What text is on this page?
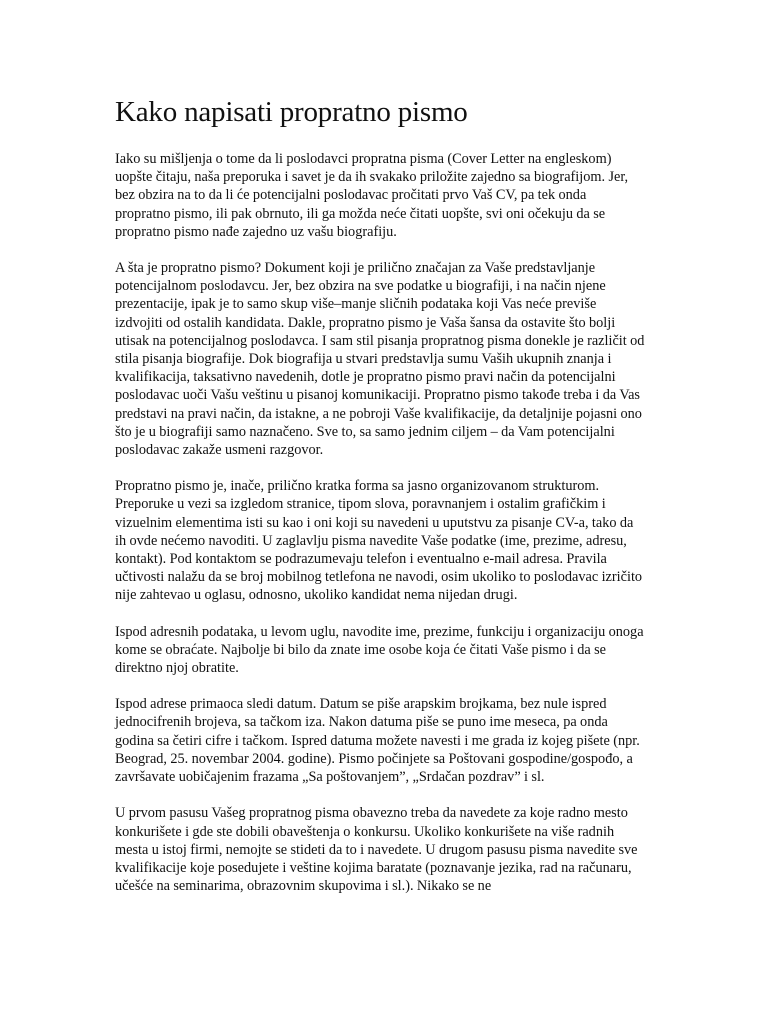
Kako napisati propratno pismo

Iako su mišljenja o tome da li poslodavci propratna pisma (Cover Letter na engleskom) uopšte čitaju, naša preporuka i savet je da ih svakako priložite zajedno sa biografijom. Jer, bez obzira na to da li će potencijalni poslodavac pročitati prvo Vaš CV, pa tek onda propratno pismo, ili pak obrnuto, ili ga možda neće čitati uopšte, svi oni očekuju da se propratno pismo nađe zajedno uz vašu biografiju.

A šta je propratno pismo? Dokument koji je prilično značajan za Vaše predstavljanje potencijalnom poslodavcu. Jer, bez obzira na sve podatke u biografiji, i na način njene prezentacije, ipak je to samo skup više–manje sličnih podataka koji Vas neće previše izdvojiti od ostalih kandidata. Dakle, propratno pismo je Vaša šansa da ostavite što bolji utisak na potencijalnog poslodavca. I sam stil pisanja propratnog pisma donekle je različit od stila pisanja biografije. Dok biografija u stvari predstavlja sumu Vaših ukupnih znanja i kvalifikacija, taksativno navedenih, dotle je propratno pismo pravi način da potencijalni poslodavac uoči Vašu veštinu u pisanoj komunikaciji. Propratno pismo takođe treba i da Vas predstavi na pravi način, da istakne, a ne pobroji Vaše kvalifikacije, da detaljnije pojasni ono što je u biografiji samo naznačeno. Sve to, sa samo jednim ciljem – da Vam potencijalni poslodavac zakaže usmeni razgovor.

Propratno pismo je, inače, prilično kratka forma sa jasno organizovanom strukturom. Preporuke u vezi sa izgledom stranice, tipom slova, poravnanjem i ostalim grafičkim i vizuelnim elementima isti su kao i oni koji su navedeni u uputstvu za pisanje CV-a, tako da ih ovde nećemo navoditi. U zaglavlju pisma navedite Vaše podatke (ime, prezime, adresu, kontakt). Pod kontaktom se podrazumevaju telefon i eventualno e-mail adresa. Pravila učtivosti nalažu da se broj mobilnog tetlefona ne navodi, osim ukoliko to poslodavac izričito nije zahtevao u oglasu, odnosno, ukoliko kandidat nema nijedan drugi.

Ispod adresnih podataka, u levom uglu, navodite ime, prezime, funkciju i organizaciju onoga kome se obraćate. Najbolje bi bilo da znate ime osobe koja će čitati Vaše pismo i da se direktno njoj obratite.

Ispod adrese primaoca sledi datum. Datum se piše arapskim brojkama, bez nule ispred jednocifrenih brojeva, sa tačkom iza. Nakon datuma piše se puno ime meseca, pa onda godina sa četiri cifre i tačkom. Ispred datuma možete navesti i me grada iz kojeg pišete (npr. Beograd, 25. novembar 2004. godine). Pismo počinjete sa Poštovani gospodine/gospođo, a završavate uobičajenim frazama „Sa poštovanjem”, „Srdačan pozdrav” i sl.

U prvom pasusu Vašeg propratnog pisma obavezno treba da navedete za koje radno mesto konkurišete i gde ste dobili obaveštenja o konkursu. Ukoliko konkurišete na više radnih mesta u istoj firmi, nemojte se stideti da to i navedete. U drugom pasusu pisma navedite sve kvalifikacije koje posedujete i veštine kojima baratate (poznavanje jezika, rad na računaru, učešće na seminarima, obrazovnim skupovima i sl.). Nikako se ne
